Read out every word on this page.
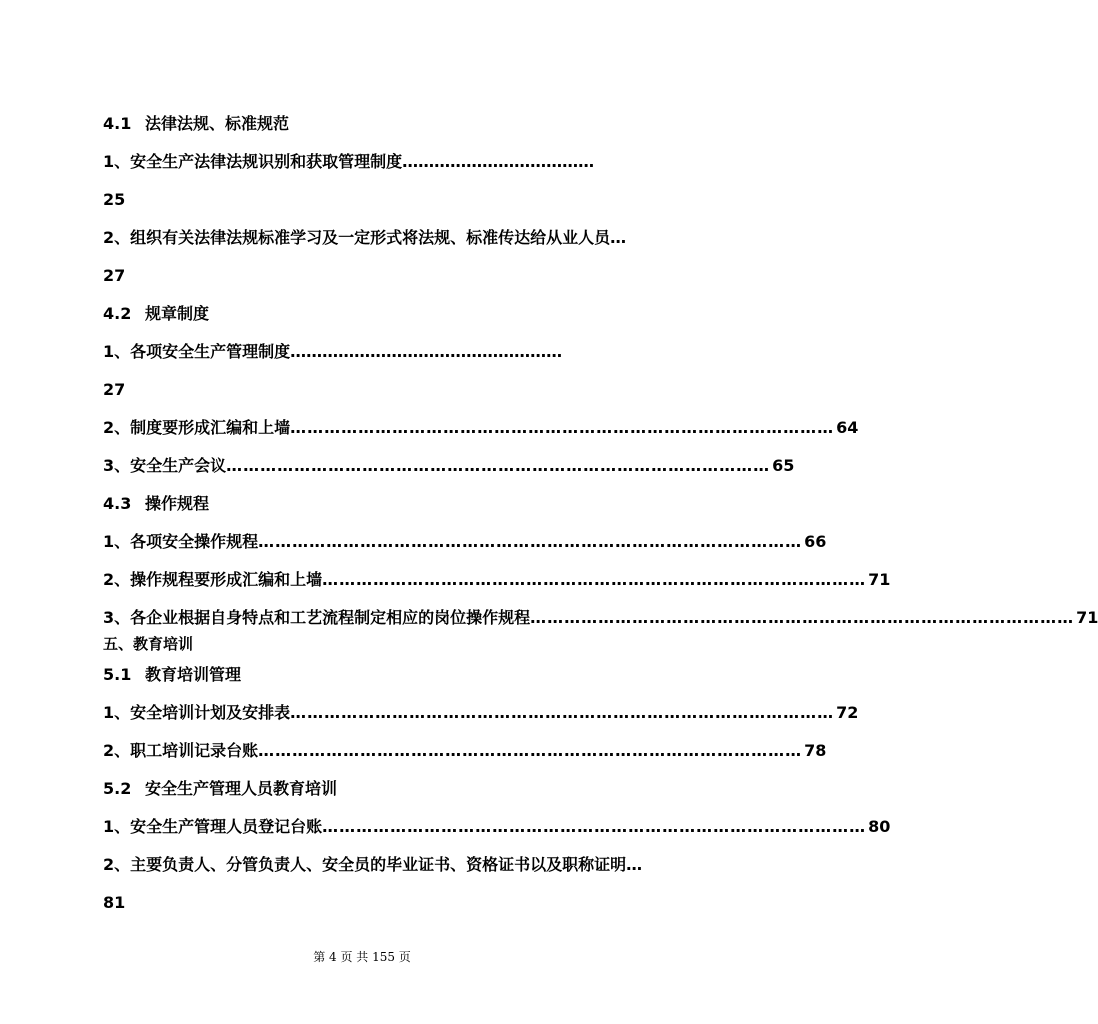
4.1 法律法规、标准规范
1、安全生产法律法规识别和获取管理制度………………………………
25
2、组织有关法律法规标准学习及一定形式将法规、标准传达给从业人员…
27
4.2 规章制度
1、各项安全生产管理制度……………………………………………
27
2、制度要形成汇编和上墙 …………………………………………………………………………………… 64
3、安全生产会议 …………………………………………………………………………………… 65
4.3 操作规程
1、各项安全操作规程 …………………………………………………………………………………… 66
2、操作规程要形成汇编和上墙 …………………………………………………………………………………… 71
3、各企业根据自身特点和工艺流程制定相应的岗位操作规程 …………………………………………………………………………………… 71
五、教育培训
5.1 教育培训管理
1、安全培训计划及安排表 …………………………………………………………………………………… 72
2、职工培训记录台账 …………………………………………………………………………………… 78
5.2 安全生产管理人员教育培训
1、安全生产管理人员登记台账 …………………………………………………………………………………… 80
2、主要负责人、分管负责人、安全员的毕业证书、资格证书以及职称证明…
81
第 4 页 共 155 页
